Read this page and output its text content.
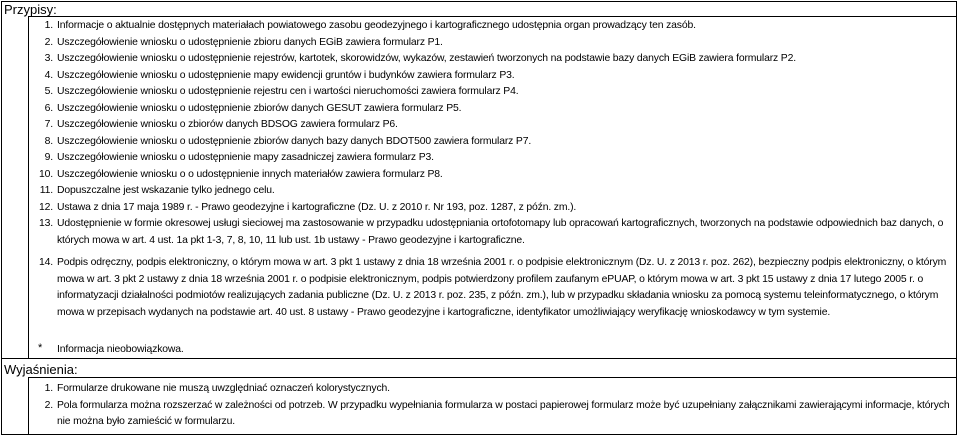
Przypisy:
1. Informacje o aktualnie dostępnych materiałach powiatowego zasobu geodezyjnego i kartograficznego udostępnia organ prowadzący ten zasób.
2. Uszczegółowienie wniosku o udostępnienie zbioru danych EGiB zawiera formularz P1.
3. Uszczegółowienie wniosku o udostępnienie rejestrów, kartotek, skorowidzów, wykazów, zestawień tworzonych na podstawie bazy danych EGiB zawiera formularz P2.
4. Uszczegółowienie wniosku o udostępnienie mapy ewidencji gruntów i budynków zawiera formularz P3.
5. Uszczegółowienie wniosku o udostępnienie rejestru cen i wartości nieruchomości zawiera formularz P4.
6. Uszczegółowienie wniosku o udostępnienie zbiorów danych GESUT zawiera formularz P5.
7. Uszczegółowienie wniosku o zbiorów danych BDSOG zawiera formularz P6.
8. Uszczegółowienie wniosku o udostępnienie zbiorów danych bazy danych BDOT500 zawiera formularz P7.
9. Uszczegółowienie wniosku o udostępnienie mapy zasadniczej zawiera formularz P3.
10. Uszczegółowienie wniosku o o udostępnienie innych materiałów zawiera formularz P8.
11. Dopuszczalne jest wskazanie tylko jednego celu.
12. Ustawa z dnia 17 maja 1989 r. - Prawo geodezyjne i kartograficzne (Dz. U. z 2010 r. Nr 193, poz. 1287, z późn. zm.).
13. Udostępnienie w formie okresowej usługi sieciowej ma zastosowanie w przypadku udostępniania ortofotomapy lub opracowań kartograficznych, tworzonych na podstawie odpowiednich baz danych, o których mowa w art. 4 ust. 1a pkt 1-3, 7, 8, 10, 11 lub ust. 1b ustawy - Prawo geodezyjne i kartograficzne.
14. Podpis odręczny, podpis elektroniczny, o którym mowa w art. 3 pkt 1 ustawy z dnia 18 września 2001 r. o podpisie elektronicznym (Dz. U. z 2013 r. poz. 262), bezpieczny podpis elektroniczny, o którym mowa w art. 3 pkt 2 ustawy z dnia 18 września 2001 r. o podpisie elektronicznym, podpis potwierdzony profilem zaufanym ePUAP, o którym mowa w art. 3 pkt 15 ustawy z dnia 17 lutego 2005 r. o informatyzacji działalności podmiotów realizujących zadania publiczne (Dz. U. z 2013 r. poz. 235, z późn. zm.), lub w przypadku składania wniosku za pomocą systemu teleinformatycznego, o którym mowa w przepisach wydanych na podstawie art. 40 ust. 8 ustawy - Prawo geodezyjne i kartograficzne, identyfikator umożliwiający weryfikację wnioskodawcy w tym systemie.
* Informacja nieobowiązkowa.
Wyjaśnienia:
1. Formularze drukowane nie muszą uwzględniać oznaczeń kolorystycznych.
2. Pola formularza można rozszerzać w zależności od potrzeb. W przypadku wypełniania formularza w postaci papierowej formularz może być uzupełniany załącznikami zawierającymi informacje, których nie można było zamieścić w formularzu.
